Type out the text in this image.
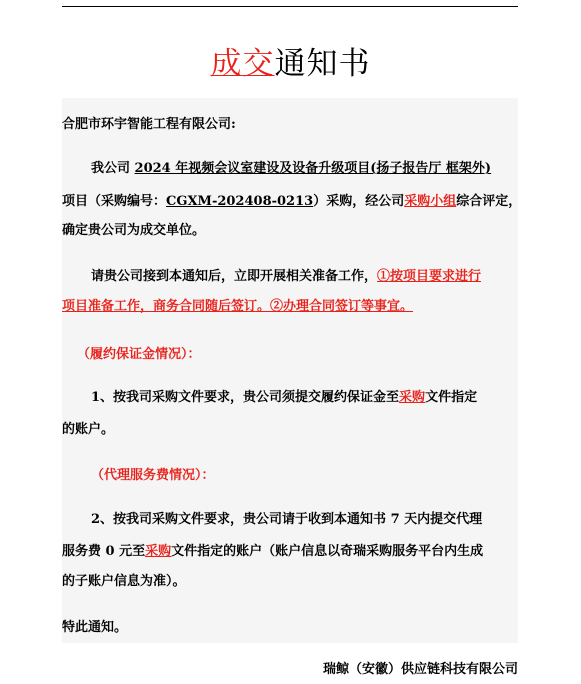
成交通知书
合肥市环宇智能工程有限公司:
我公司 2024 年视频会议室建设及设备升级项目(扬子报告厅 框架外)
项目（采购编号：CGXM-202408-0213）采购，经公司采购小组综合评定，
确定贵公司为成交单位。
请贵公司接到本通知后，立即开展相关准备工作，①按项目要求进行
项目准备工作，商务合同随后签订。②办理合同签订等事宜。
（履约保证金情况）：
1、按我司采购文件要求，贵公司须提交履约保证金至采购文件指定
的账户。
（代理服务费情况）：
2、按我司采购文件要求，贵公司请于收到本通知书 7 天内提交代理
服务费 0 元至采购文件指定的账户（账户信息以奇瑞采购服务平台内生成
的子账户信息为准）。
特此通知。
瑞鲸（安徽）供应链科技有限公司
